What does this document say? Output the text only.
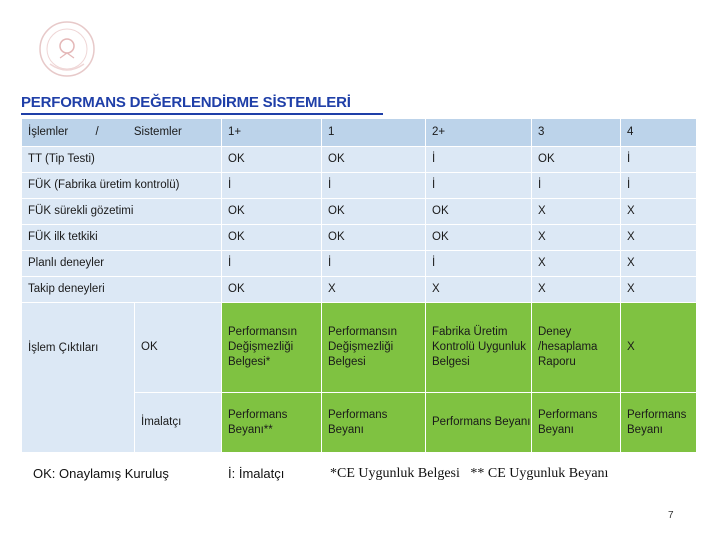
PERFORMANS DEĞERLENDİRME SİSTEMLERİ
İşlemler / Sistemler		1+	1	2+	3	4
TT (Tip Testi)		OK	OK	İ	OK	İ
FÜK (Fabrika üretim kontrolü)		İ	İ	İ	İ	İ
FÜK sürekli gözetimi		OK	OK	OK	X	X
FÜK ilk tetkiki		OK	OK	OK	X	X
Planlı deneyler		İ	İ	İ	X	X
Takip deneyleri		OK	X	X	X	X
İşlem Çıktıları	OK	Performansın Değişmezliği Belgesi*	Performansın Değişmezliği Belgesi	Fabrika Üretim Kontrolü Uygunluk Belgesi	Deney /hesaplama Raporu	X
	İmalatçı	Performans Beyanı**	Performans Beyanı	Performans Beyanı	Performans Beyanı	Performans Beyanı
OK: Onaylamış Kuruluş	İ: İmalatçı	*CE Uygunluk Belgesi   ** CE Uygunluk Beyanı
7
